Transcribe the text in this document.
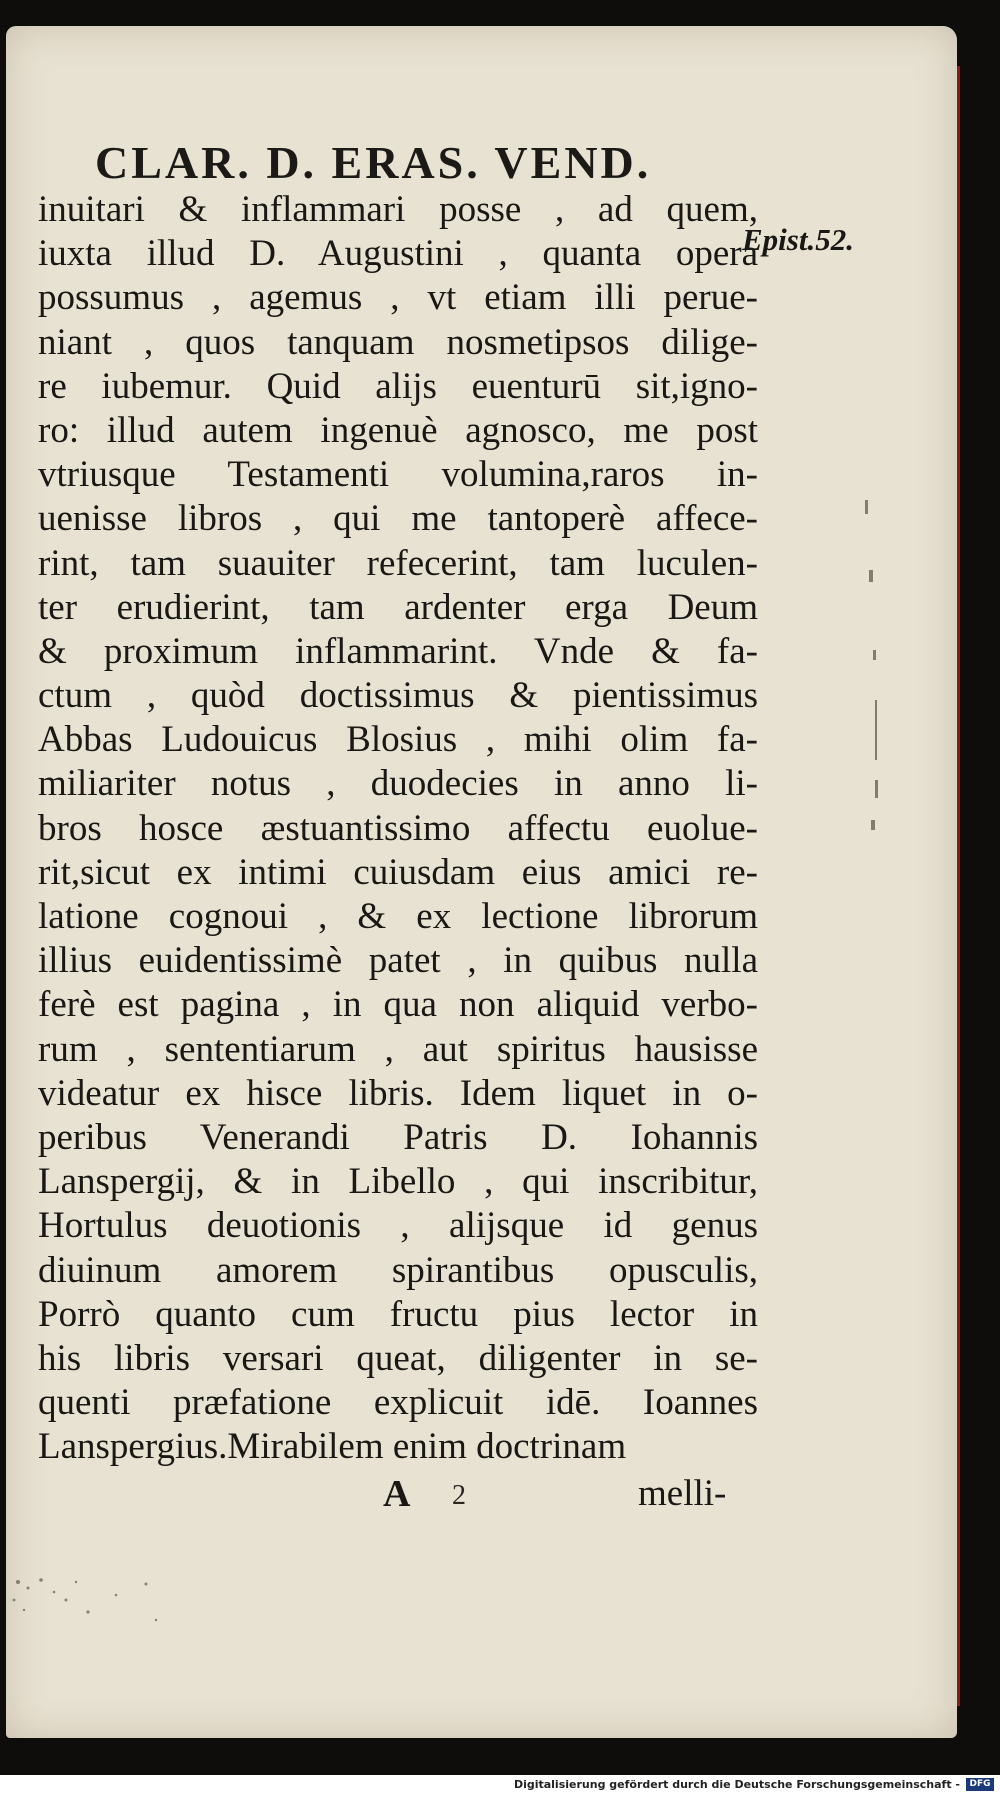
CLAR. D. ERAS. VEND.
Epist.52.
inuitari & inflammari posse , ad quem,
iuxta illud D. Augustini , quanta opera
possumus , agemus , vt etiam illi perue-
niant , quos tanquam nosmetipsos dilige-
re iubemur. Quid alijs euenturū sit,igno-
ro: illud autem ingenuè agnosco, me post
vtriusque Testamenti volumina,raros in-
uenisse libros , qui me tantoperè affece-
rint, tam suauiter refecerint, tam luculen-
ter erudierint, tam ardenter erga Deum
& proximum inflammarint. Vnde & fa-
ctum , quòd doctissimus & pientissimus
Abbas Ludouicus Blosius , mihi olim fa-
miliariter notus , duodecies in anno li-
bros hosce æstuantissimo affectu euolue-
rit,sicut ex intimi cuiusdam eius amici re-
latione cognoui , & ex lectione librorum
illius euidentissimè patet , in quibus nulla
ferè est pagina , in qua non aliquid verbo-
rum , sententiarum , aut spiritus hausisse
videatur ex hisce libris. Idem liquet in o-
peribus Venerandi Patris D. Iohannis
Lanspergij, & in Libello , qui inscribitur,
Hortulus deuotionis , alijsque id genus
diuinum amorem spirantibus opusculis,
Porrò quanto cum fructu pius lector in
his libris versari queat, diligenter in se-
quenti præfatione explicuit idē. Ioannes
Lanspergius.Mirabilem enim doctrinam
A 2	melli-
Digitalisierung gefördert durch die Deutsche Forschungsgemeinschaft -	DFG
